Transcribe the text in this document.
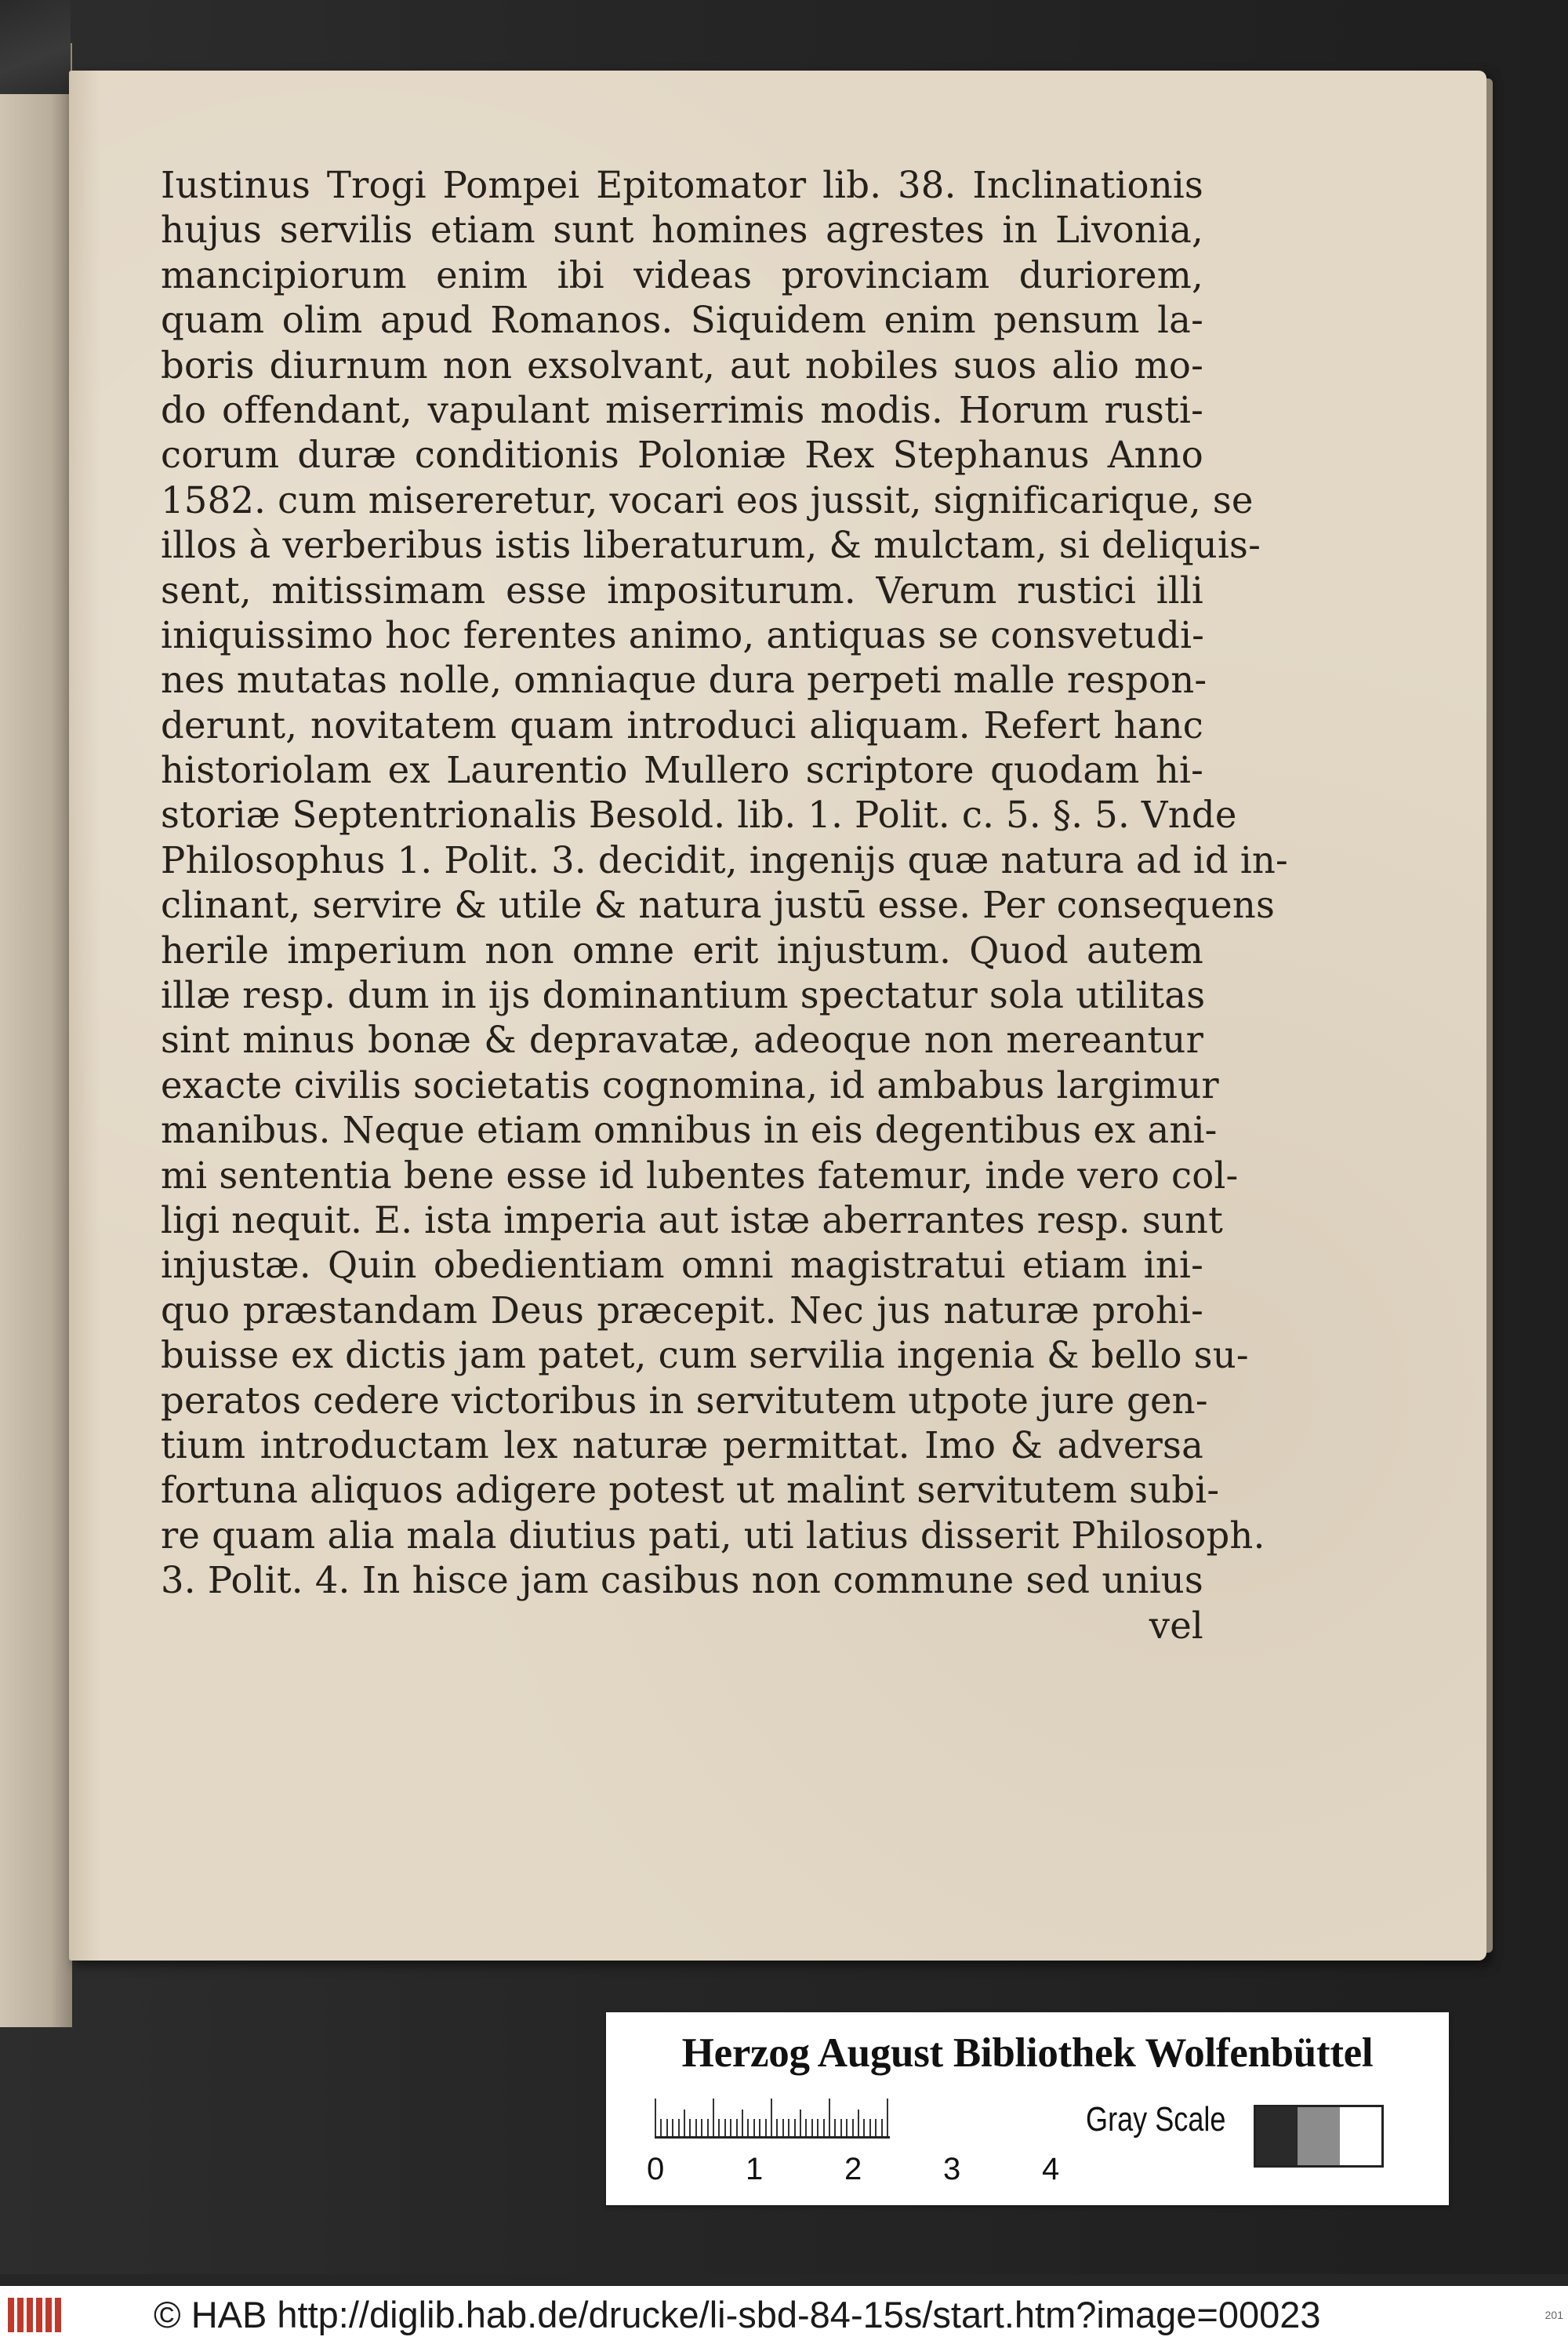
Iustinus Trogi Pompei Epitomator lib. 38. Inclinationis
hujus servilis etiam sunt homines agrestes in Livonia,
mancipiorum enim ibi videas provinciam duriorem,
quam olim apud Romanos. Siquidem enim pensum la-
boris diurnum non exsolvant, aut nobiles suos alio mo-
do offendant, vapulant miserrimis modis. Horum rusti-
corum duræ conditionis Poloniæ Rex Stephanus Anno
1582. cum misereretur, vocari eos jussit, significarique, se
illos à verberibus istis liberaturum, & mulctam, si deliquis-
sent, mitissimam esse impositurum. Verum rustici illi
iniquissimo hoc ferentes animo, antiquas se consvetudi-
nes mutatas nolle, omniaque dura perpeti malle respon-
derunt, novitatem quam introduci aliquam. Refert hanc
historiolam ex Laurentio Mullero scriptore quodam hi-
storiæ Septentrionalis Besold. lib. 1. Polit. c. 5. §. 5. Vnde
Philosophus 1. Polit. 3. decidit, ingenijs quæ natura ad id in-
clinant, servire & utile & natura justū esse. Per consequens
herile imperium non omne erit injustum. Quod autem
illæ resp. dum in ijs dominantium spectatur sola utilitas
sint minus bonæ & depravatæ, adeoque non mereantur
exacte civilis societatis cognomina, id ambabus largimur
manibus. Neque etiam omnibus in eis degentibus ex ani-
mi sententia bene esse id lubentes fatemur, inde vero col-
ligi nequit. E. ista imperia aut istæ aberrantes resp. sunt
injustæ. Quin obedientiam omni magistratui etiam ini-
quo præstandam Deus præcepit. Nec jus naturæ prohi-
buisse ex dictis jam patet, cum servilia ingenia & bello su-
peratos cedere victoribus in servitutem utpote jure gen-
tium introductam lex naturæ permittat. Imo & adversa
fortuna aliquos adigere potest ut malint servitutem subi-
re quam alia mala diutius pati, uti latius disserit Philosoph.
3. Polit. 4. In hisce jam casibus non commune sed unius
vel
Herzog August Bibliothek Wolfenbüttel
0	1	2	3	4
Gray Scale
© HAB http://diglib.hab.de/drucke/li-sbd-84-15s/start.htm?image=00023	201
